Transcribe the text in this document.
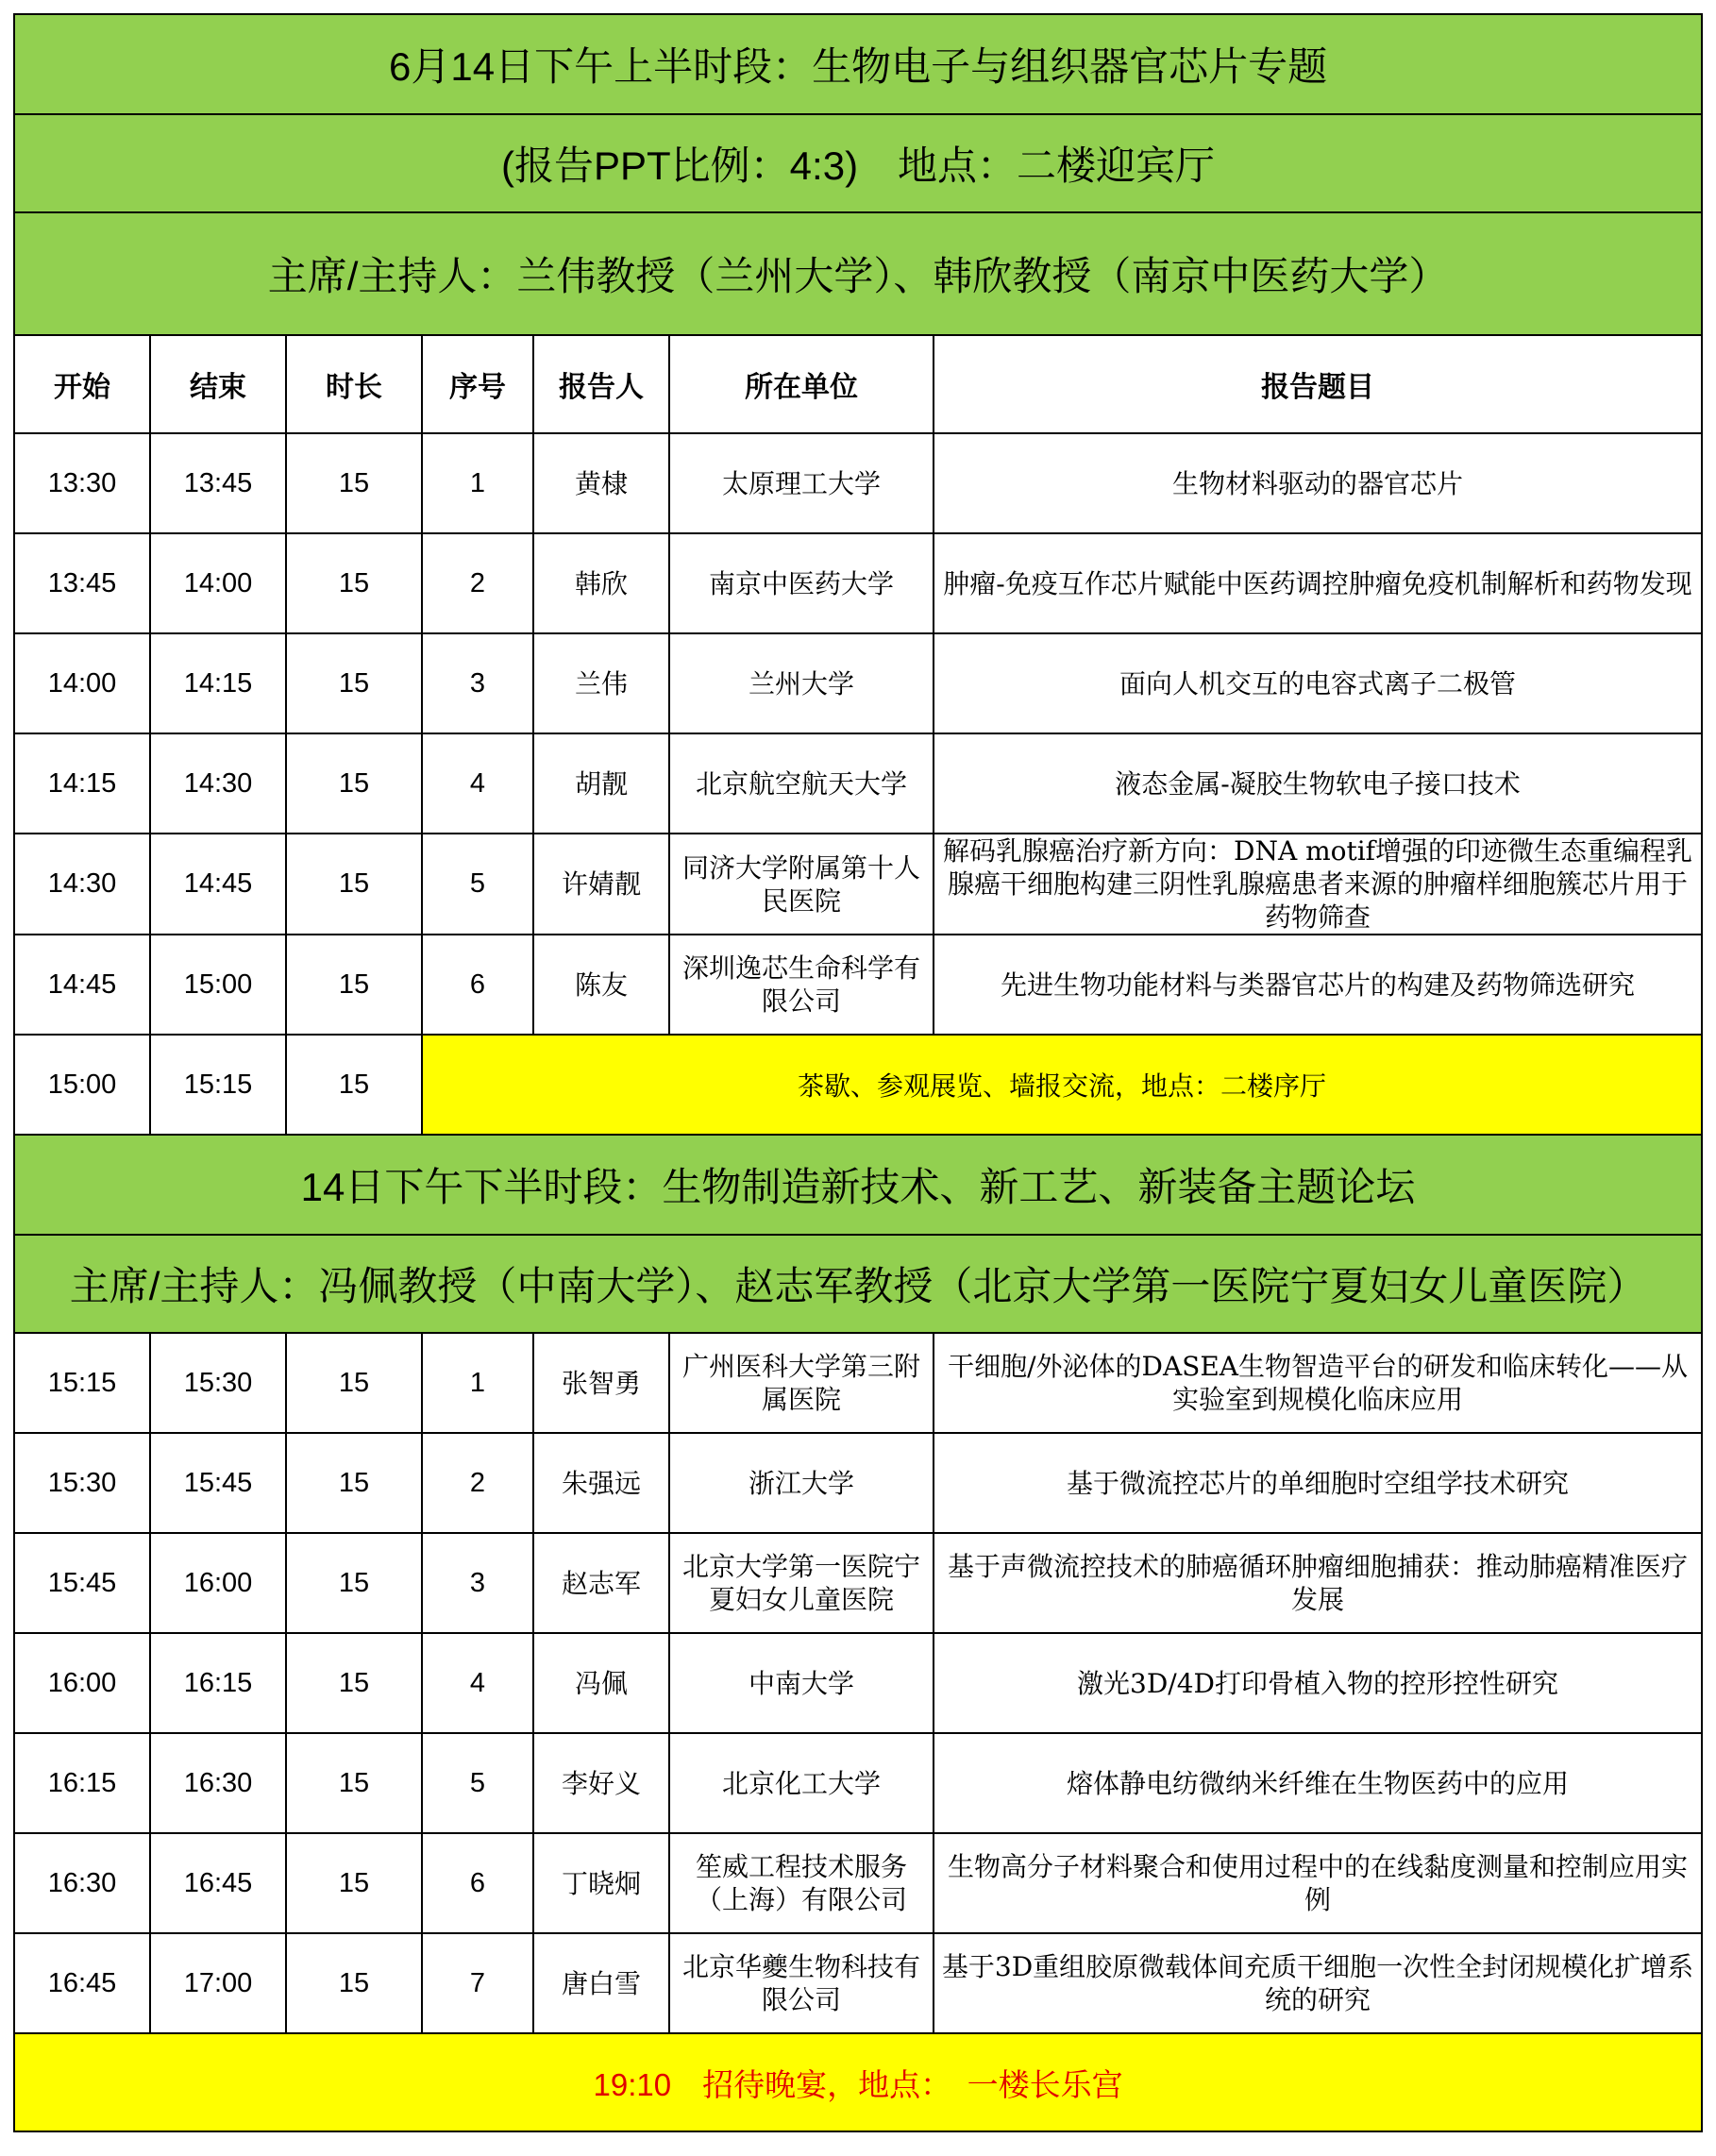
6月14日下午上半时段：生物电子与组织器官芯片专题						
(报告PPT比例：4:3)　地点：二楼迎宾厅						
主席/主持人：兰伟教授（兰州大学）、韩欣教授（南京中医药大学）						
开始	结束	时长	序号	报告人	所在单位	报告题目
13:30	13:45	15	1	黄棣	太原理工大学	生物材料驱动的器官芯片
13:45	14:00	15	2	韩欣	南京中医药大学	肿瘤-免疫互作芯片赋能中医药调控肿瘤免疫机制解析和药物发现
14:00	14:15	15	3	兰伟	兰州大学	面向人机交互的电容式离子二极管
14:15	14:30	15	4	胡靓	北京航空航天大学	液态金属-凝胶生物软电子接口技术
14:30	14:45	15	5	许婧靓	同济大学附属第十人民医院	解码乳腺癌治疗新方向：DNA motif增强的印迹微生态重编程乳腺癌干细胞构建三阴性乳腺癌患者来源的肿瘤样细胞簇芯片用于药物筛查
14:45	15:00	15	6	陈友	深圳逸芯生命科学有限公司	先进生物功能材料与类器官芯片的构建及药物筛选研究
15:00	15:15	15	茶歇、参观展览、墙报交流，地点：二楼序厅			
14日下午下半时段：生物制造新技术、新工艺、新装备主题论坛						
主席/主持人：冯佩教授（中南大学）、赵志军教授（北京大学第一医院宁夏妇女儿童医院）						
15:15	15:30	15	1	张智勇	广州医科大学第三附属医院	干细胞/外泌体的DASEA生物智造平台的研发和临床转化——从实验室到规模化临床应用
15:30	15:45	15	2	朱强远	浙江大学	基于微流控芯片的单细胞时空组学技术研究
15:45	16:00	15	3	赵志军	北京大学第一医院宁夏妇女儿童医院	基于声微流控技术的肺癌循环肿瘤细胞捕获：推动肺癌精准医疗发展
16:00	16:15	15	4	冯佩	中南大学	激光3D/4D打印骨植入物的控形控性研究
16:15	16:30	15	5	李好义	北京化工大学	熔体静电纺微纳米纤维在生物医药中的应用
16:30	16:45	15	6	丁晓炯	笙威工程技术服务（上海）有限公司	生物高分子材料聚合和使用过程中的在线黏度测量和控制应用实例
16:45	17:00	15	7	唐白雪	北京华夔生物科技有限公司	基于3D重组胶原微载体间充质干细胞一次性全封闭规模化扩增系统的研究
19:10　招待晚宴，地点：　一楼长乐宫						
